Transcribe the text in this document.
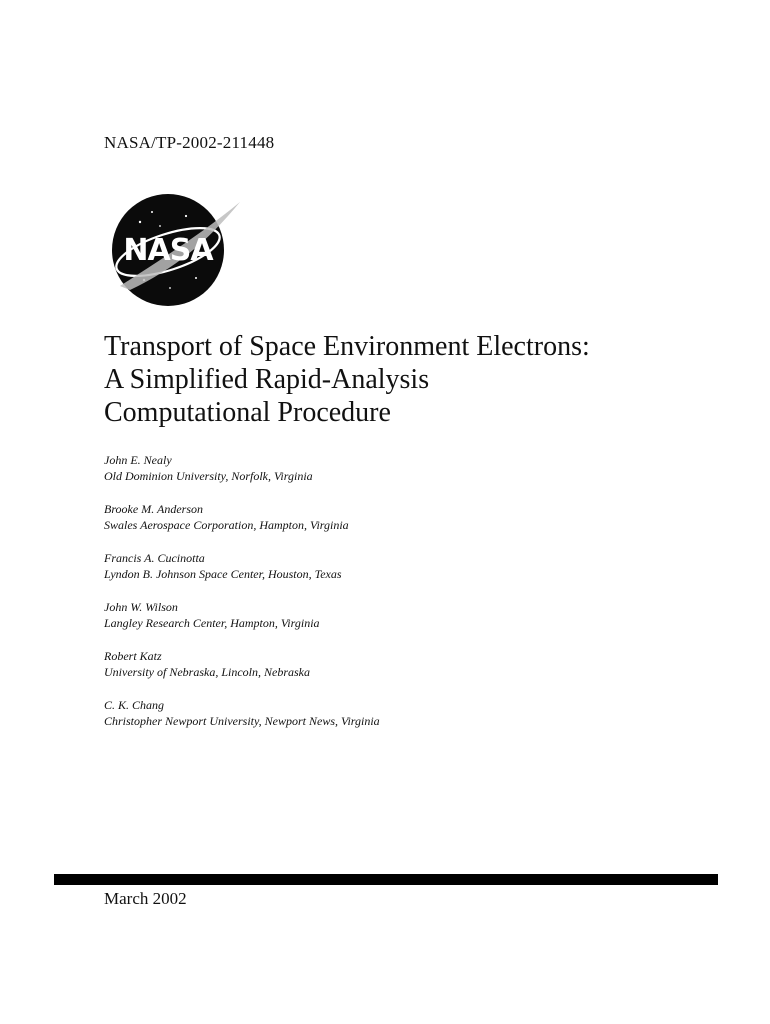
NASA/TP-2002-211448
NASA
Transport of Space Environment Electrons:
A Simplified Rapid-Analysis
Computational Procedure
John E. Nealy
Old Dominion University, Norfolk, Virginia
Brooke M. Anderson
Swales Aerospace Corporation, Hampton, Virginia
Francis A. Cucinotta
Lyndon B. Johnson Space Center, Houston, Texas
John W. Wilson
Langley Research Center, Hampton, Virginia
Robert Katz
University of Nebraska, Lincoln, Nebraska
C. K. Chang
Christopher Newport University, Newport News, Virginia
March 2002
